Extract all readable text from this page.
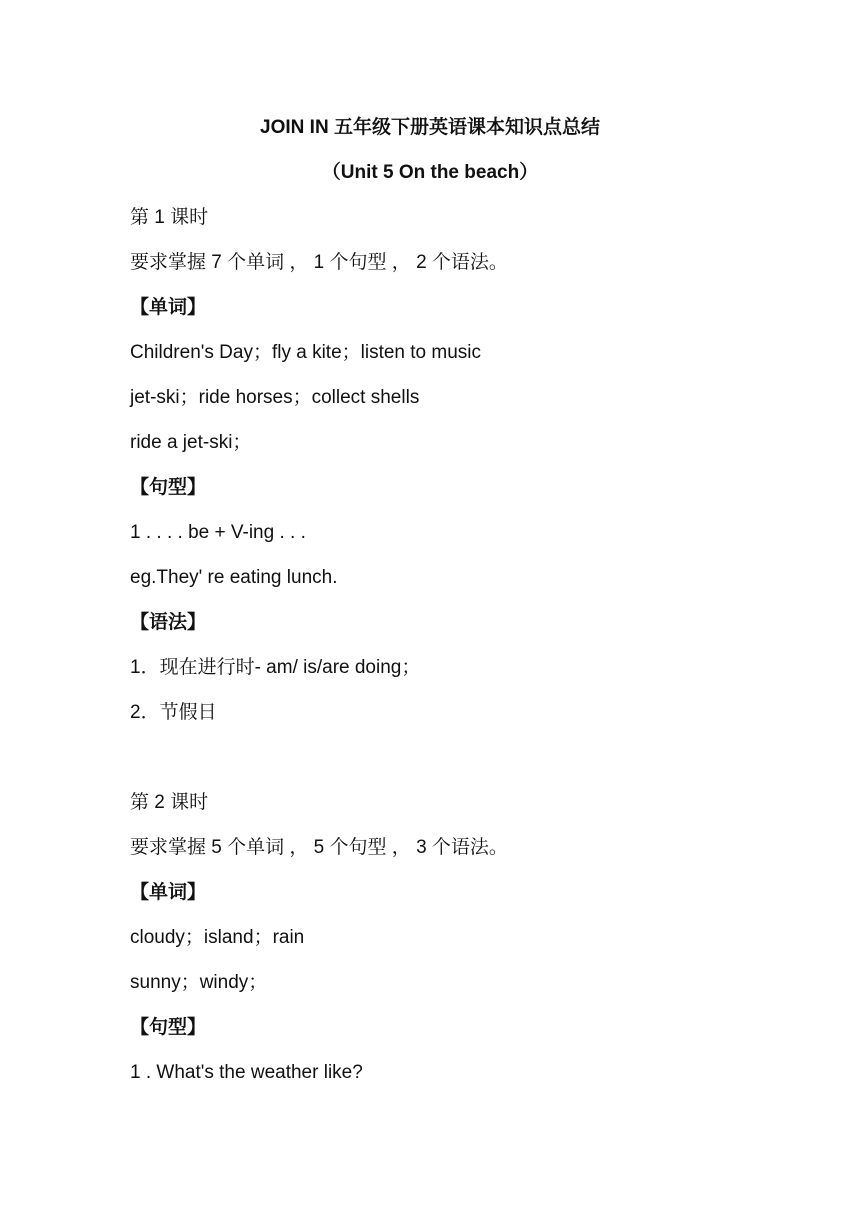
JOIN IN 五年级下册英语课本知识点总结
（Unit 5 On the beach）
第 1 课时
要求掌握 7 个单词 ， 1 个句型 ， 2 个语法。
【单词】
Children's Day；fly a kite；listen to music
jet-ski；ride horses；collect shells
ride a jet-ski；
【句型】
1 . . . . be + V-ing . . .
eg.They' re eating lunch.
【语法】
1．现在进行时- am/ is/are doing；
2．节假日
第 2 课时
要求掌握 5 个单词 ， 5 个句型 ， 3 个语法。
【单词】
cloudy；island；rain
sunny；windy；
【句型】
1 . What's the weather like?
